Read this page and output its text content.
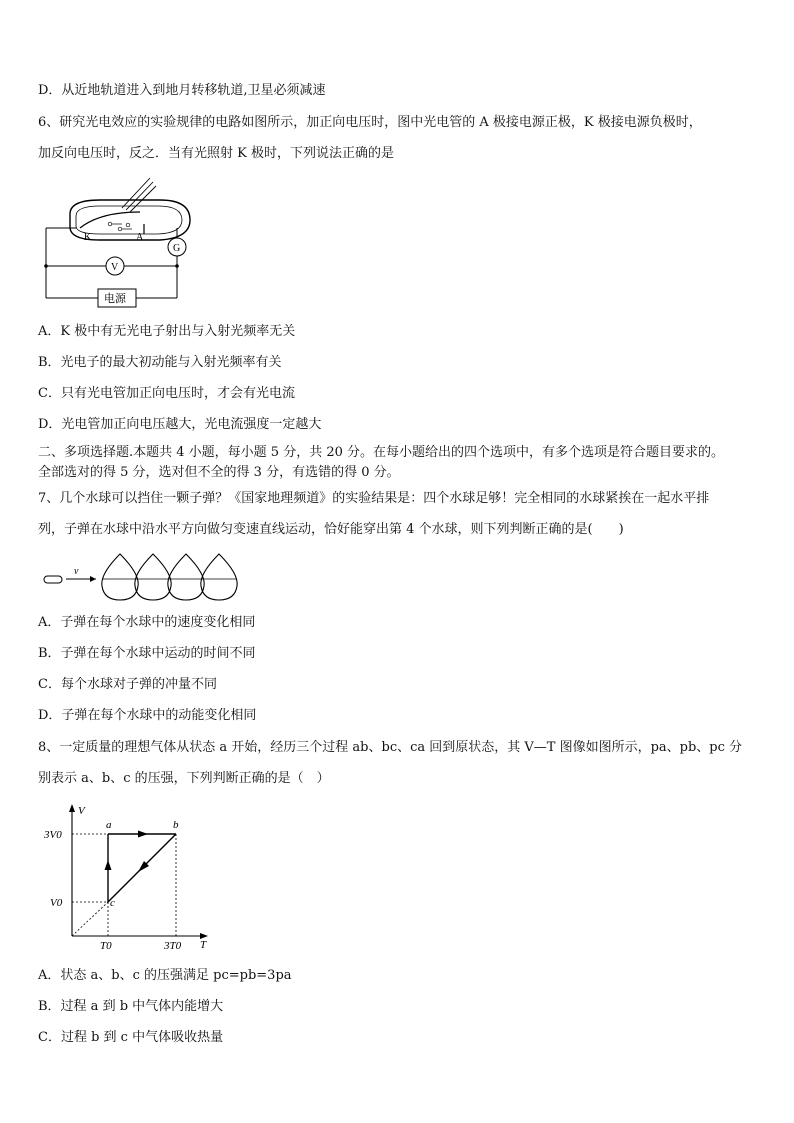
D．从近地轨道进入到地月转移轨道,卫星必须减速
6、研究光电效应的实验规律的电路如图所示，加正向电压时，图中光电管的 A 极接电源正极，K 极接电源负极时，
加反向电压时，反之．当有光照射 K 极时，下列说法正确的是
K	A
G
V
电源
A．K 极中有无光电子射出与入射光频率无关
B．光电子的最大初动能与入射光频率有关
C．只有光电管加正向电压时，才会有光电流
D．光电管加正向电压越大，光电流强度一定越大
二、多项选择题.本题共 4 小题，每小题 5 分，共 20 分。在每小题给出的四个选项中，有多个选项是符合题目要求的。
全部选对的得 5 分，选对但不全的得 3 分，有选错的得 0 分。
7、几个水球可以挡住一颗子弹？《国家地理频道》的实验结果是：四个水球足够！完全相同的水球紧挨在一起水平排
列，子弹在水球中沿水平方向做匀变速直线运动，恰好能穿出第 4 个水球，则下列判断正确的是(　　)
v
A．子弹在每个水球中的速度变化相同
B．子弹在每个水球中运动的时间不同
C．每个水球对子弹的冲量不同
D．子弹在每个水球中的动能变化相同
8、一定质量的理想气体从状态 a 开始，经历三个过程 ab、bc、ca 回到原状态，其 V—T 图像如图所示，pa、pb、pc 分
别表示 a、b、c 的压强，下列判断正确的是（　）
V
T
a	b
c
3V0
V0
T0	3T0
A．状态 a、b、c 的压强满足 pc=pb=3pa
B．过程 a 到 b 中气体内能增大
C．过程 b 到 c 中气体吸收热量
